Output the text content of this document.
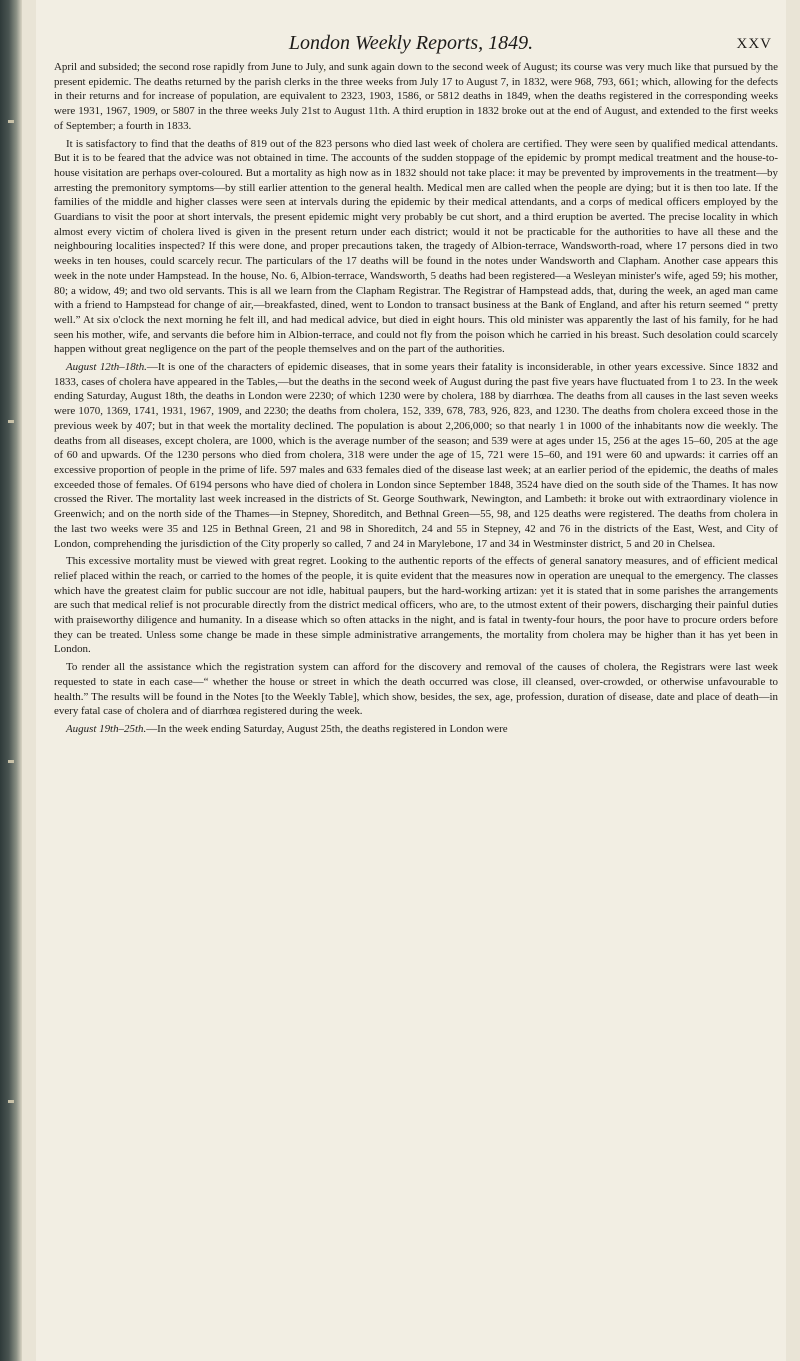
London Weekly Reports, 1849.	XXV

April and subsided; the second rose rapidly from June to July, and sunk again down to the second week of August; its course was very much like that pursued by the present epidemic. The deaths returned by the parish clerks in the three weeks from July 17 to August 7, in 1832, were 968, 793, 661; which, allowing for the defects in their returns and for increase of population, are equivalent to 2323, 1903, 1586, or 5812 deaths in 1849, when the deaths registered in the corresponding weeks were 1931, 1967, 1909, or 5807 in the three weeks July 21st to August 11th. A third eruption in 1832 broke out at the end of August, and extended to the first weeks of September; a fourth in 1833.

It is satisfactory to find that the deaths of 819 out of the 823 persons who died last week of cholera are certified. They were seen by qualified medical attendants. But it is to be feared that the advice was not obtained in time. The accounts of the sudden stoppage of the epidemic by prompt medical treatment and the house-to-house visitation are perhaps over-coloured. But a mortality as high now as in 1832 should not take place: it may be prevented by improvements in the treatment—by arresting the premonitory symptoms—by still earlier attention to the general health. Medical men are called when the people are dying; but it is then too late. If the families of the middle and higher classes were seen at intervals during the epidemic by their medical attendants, and a corps of medical officers employed by the Guardians to visit the poor at short intervals, the present epidemic might very probably be cut short, and a third eruption be averted. The precise locality in which almost every victim of cholera lived is given in the present return under each district; would it not be practicable for the authorities to have all these and the neighbouring localities inspected? If this were done, and proper precautions taken, the tragedy of Albion-terrace, Wandsworth-road, where 17 persons died in two weeks in ten houses, could scarcely recur. The particulars of the 17 deaths will be found in the notes under Wandsworth and Clapham. Another case appears this week in the note under Hampstead. In the house, No. 6, Albion-terrace, Wandsworth, 5 deaths had been registered—a Wesleyan minister's wife, aged 59; his mother, 80; a widow, 49; and two old servants. This is all we learn from the Clapham Registrar. The Registrar of Hampstead adds, that, during the week, an aged man came with a friend to Hampstead for change of air,—breakfasted, dined, went to London to transact business at the Bank of England, and after his return seemed “ pretty well.” At six o'clock the next morning he felt ill, and had medical advice, but died in eight hours. This old minister was apparently the last of his family, for he had seen his mother, wife, and servants die before him in Albion-terrace, and could not fly from the poison which he carried in his breast. Such desolation could scarcely happen without great negligence on the part of the people themselves and on the part of the authorities.

August 12th–18th.—It is one of the characters of epidemic diseases, that in some years their fatality is inconsiderable, in other years excessive. Since 1832 and 1833, cases of cholera have appeared in the Tables,—but the deaths in the second week of August during the past five years have fluctuated from 1 to 23. In the week ending Saturday, August 18th, the deaths in London were 2230; of which 1230 were by cholera, 188 by diarrhœa. The deaths from all causes in the last seven weeks were 1070, 1369, 1741, 1931, 1967, 1909, and 2230; the deaths from cholera, 152, 339, 678, 783, 926, 823, and 1230. The deaths from cholera exceed those in the previous week by 407; but in that week the mortality declined. The population is about 2,206,000; so that nearly 1 in 1000 of the inhabitants now die weekly. The deaths from all diseases, except cholera, are 1000, which is the average number of the season; and 539 were at ages under 15, 256 at the ages 15–60, 205 at the age of 60 and upwards. Of the 1230 persons who died from cholera, 318 were under the age of 15, 721 were 15–60, and 191 were 60 and upwards: it carries off an excessive proportion of people in the prime of life. 597 males and 633 females died of the disease last week; at an earlier period of the epidemic, the deaths of males exceeded those of females. Of 6194 persons who have died of cholera in London since September 1848, 3524 have died on the south side of the Thames. It has now crossed the River. The mortality last week increased in the districts of St. George Southwark, Newington, and Lambeth: it broke out with extraordinary violence in Greenwich; and on the north side of the Thames—in Stepney, Shoreditch, and Bethnal Green—55, 98, and 125 deaths were registered. The deaths from cholera in the last two weeks were 35 and 125 in Bethnal Green, 21 and 98 in Shoreditch, 24 and 55 in Stepney, 42 and 76 in the districts of the East, West, and City of London, comprehending the jurisdiction of the City properly so called, 7 and 24 in Marylebone, 17 and 34 in Westminster district, 5 and 20 in Chelsea.

This excessive mortality must be viewed with great regret. Looking to the authentic reports of the effects of general sanatory measures, and of efficient medical relief placed within the reach, or carried to the homes of the people, it is quite evident that the measures now in operation are unequal to the emergency. The classes which have the greatest claim for public succour are not idle, habitual paupers, but the hard-working artizan: yet it is stated that in some parishes the arrangements are such that medical relief is not procurable directly from the district medical officers, who are, to the utmost extent of their powers, discharging their painful duties with praiseworthy diligence and humanity. In a disease which so often attacks in the night, and is fatal in twenty-four hours, the poor have to procure orders before they can be treated. Unless some change be made in these simple administrative arrangements, the mortality from cholera may be higher than it has yet been in London.

To render all the assistance which the registration system can afford for the discovery and removal of the causes of cholera, the Registrars were last week requested to state in each case—“ whether the house or street in which the death occurred was close, ill cleansed, over-crowded, or otherwise unfavourable to health.” The results will be found in the Notes [to the Weekly Table], which show, besides, the sex, age, profession, duration of disease, date and place of death—in every fatal case of cholera and of diarrhœa registered during the week.

August 19th–25th.—In the week ending Saturday, August 25th, the deaths registered in London were
